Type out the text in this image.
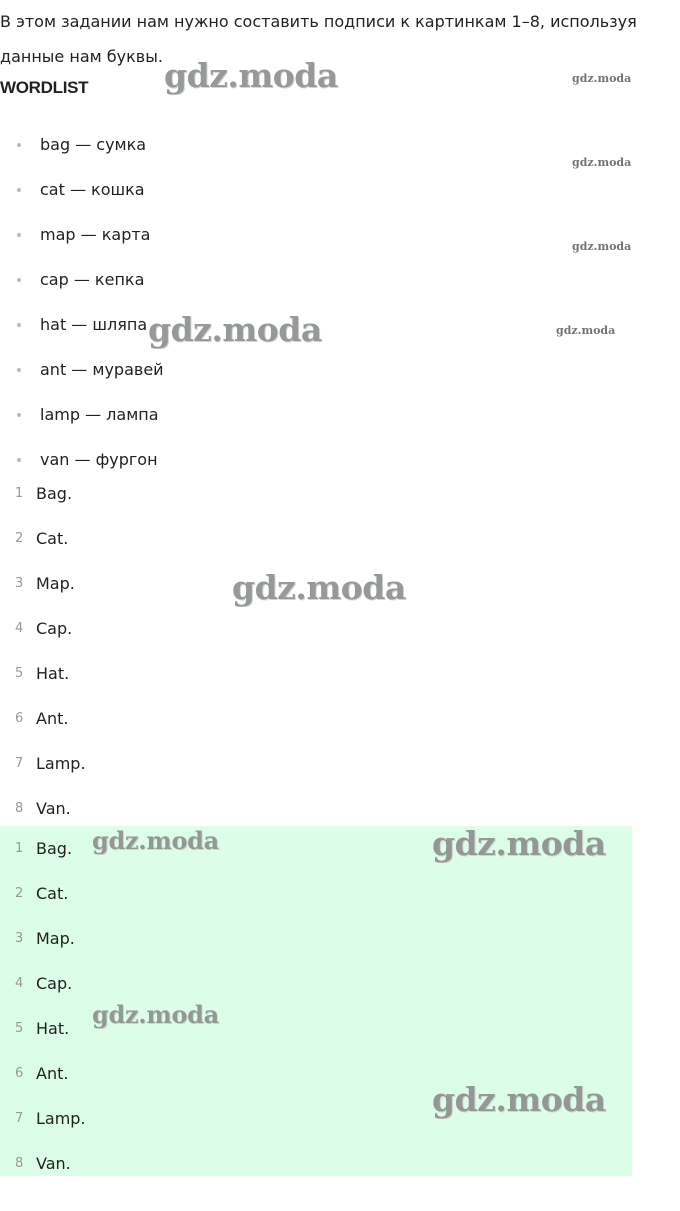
В этом задании нам нужно составить подписи к картинкам 1–8, используя данные нам буквы.

WORDLIST
bag — сумка
cat — кошка
map — карта
cap — кепка
hat — шляпа
ant — муравей
lamp — лампа
van — фургон
1 Bag.
2 Cat.
3 Map.
4 Cap.
5 Hat.
6 Ant.
7 Lamp.
8 Van.
1 Bag.
2 Cat.
3 Map.
4 Cap.
5 Hat.
6 Ant.
7 Lamp.
8 Van.
gdz.moda	gdz.moda
gdz.moda
gdz.moda
gdz.moda	gdz.moda
gdz.moda
gdz.moda	gdz.moda
gdz.moda
gdz.moda
